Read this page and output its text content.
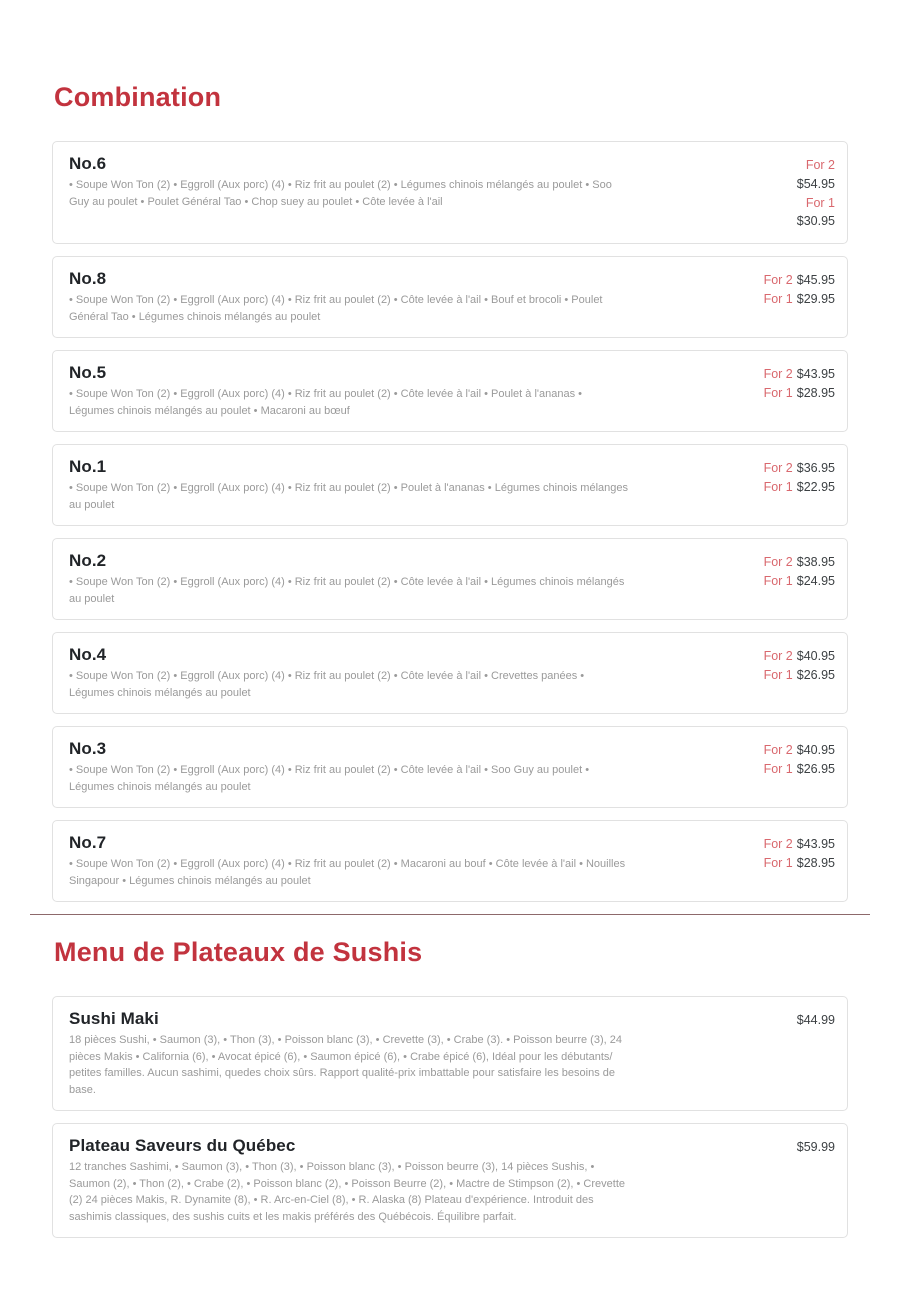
Combination
No.6

• Soupe Won Ton (2) • Eggroll (Aux porc) (4) • Riz frit au poulet (2) • Légumes chinois mélangés au poulet • Soo Guy au poulet • Poulet Général Tao • Chop suey au poulet • Côte levée à l'ail

For 2
$54.95
For 1
$30.95
No.8

• Soupe Won Ton (2) • Eggroll (Aux porc) (4) • Riz frit au poulet (2) • Côte levée à l'ail • Bouf et brocoli • Poulet Général Tao • Légumes chinois mélangés au poulet

For 2 $45.95
For 1 $29.95
No.5

• Soupe Won Ton (2) • Eggroll (Aux porc) (4) • Riz frit au poulet (2) • Côte levée à l'ail • Poulet à l'ananas • Légumes chinois mélangés au poulet • Macaroni au bœuf

For 2 $43.95
For 1 $28.95
No.1

• Soupe Won Ton (2) • Eggroll (Aux porc) (4) • Riz frit au poulet (2) • Poulet à l'ananas • Légumes chinois mélanges au poulet

For 2 $36.95
For 1 $22.95
No.2

• Soupe Won Ton (2) • Eggroll (Aux porc) (4) • Riz frit au poulet (2) • Côte levée à l'ail • Légumes chinois mélangés au poulet

For 2 $38.95
For 1 $24.95
No.4

• Soupe Won Ton (2) • Eggroll (Aux porc) (4) • Riz frit au poulet (2) • Côte levée à l'ail • Crevettes panées • Légumes chinois mélangés au poulet

For 2 $40.95
For 1 $26.95
No.3

• Soupe Won Ton (2) • Eggroll (Aux porc) (4) • Riz frit au poulet (2) • Côte levée à l'ail • Soo Guy au poulet • Légumes chinois mélangés au poulet

For 2 $40.95
For 1 $26.95
No.7

• Soupe Won Ton (2) • Eggroll (Aux porc) (4) • Riz frit au poulet (2) • Macaroni au bouf • Côte levée à l'ail • Nouilles Singapour • Légumes chinois mélangés au poulet

For 2 $43.95
For 1 $28.95
Menu de Plateaux de Sushis
Sushi Maki

18 pièces Sushi, • Saumon (3), • Thon (3), • Poisson blanc (3), • Crevette (3), • Crabe (3). • Poisson beurre (3), 24 pièces Makis • California (6), • Avocat épicé (6), • Saumon épicé (6), • Crabe épicé (6), Idéal pour les débutants/ petites familles. Aucun sashimi, quedes choix sûrs. Rapport qualité-prix imbattable pour satisfaire les besoins de base.

$44.99
Plateau Saveurs du Québec

12 tranches Sashimi, • Saumon (3), • Thon (3), • Poisson blanc (3), • Poisson beurre (3), 14 pièces Sushis, • Saumon (2), • Thon (2), • Crabe (2), • Poisson blanc (2), • Poisson Beurre (2), • Mactre de Stimpson (2), • Crevette (2) 24 pièces Makis, R. Dynamite (8), • R. Arc-en-Ciel (8), • R. Alaska (8) Plateau d'expérience. Introduit des sashimis classiques, des sushis cuits et les makis préférés des Québécois. Équilibre parfait.

$59.99
